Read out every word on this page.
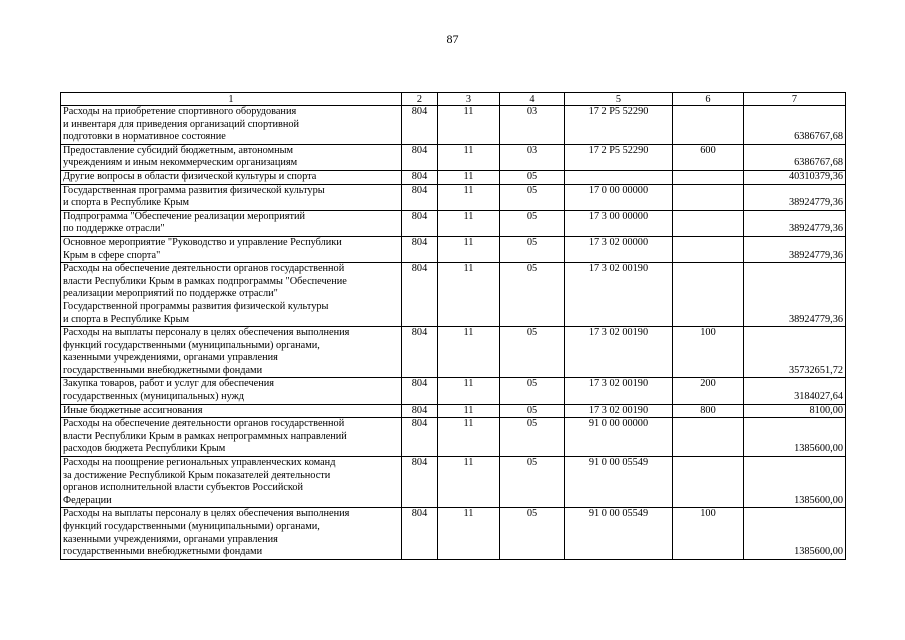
87
1	2	3	4	5	6	7
Расходы на приобретение спортивного оборудования
и инвентаря для приведения организаций спортивной
подготовки в нормативное состояние	804	11	03	17 2 P5 52290		6386767,68
Предоставление субсидий бюджетным, автономным
учреждениям и иным некоммерческим организациям	804	11	03	17 2 P5 52290	600	6386767,68
Другие вопросы в области физической культуры и спорта	804	11	05			40310379,36
Государственная программа развития физической культуры
и спорта в Республике Крым	804	11	05	17 0 00 00000		38924779,36
Подпрограмма "Обеспечение реализации мероприятий
по поддержке отрасли"	804	11	05	17 3 00 00000		38924779,36
Основное мероприятие "Руководство и управление Республики
Крым в сфере спорта"	804	11	05	17 3 02 00000		38924779,36
Расходы на обеспечение деятельности органов государственной
власти Республики Крым в рамках подпрограммы "Обеспечение
реализации мероприятий по поддержке отрасли"
Государственной программы развития физической культуры
и спорта в Республике Крым	804	11	05	17 3 02 00190		38924779,36
Расходы на выплаты персоналу в целях обеспечения выполнения
функций государственными (муниципальными) органами,
казенными учреждениями, органами управления
государственными внебюджетными фондами	804	11	05	17 3 02 00190	100	35732651,72
Закупка товаров, работ и услуг для обеспечения
государственных (муниципальных) нужд	804	11	05	17 3 02 00190	200	3184027,64
Иные бюджетные ассигнования	804	11	05	17 3 02 00190	800	8100,00
Расходы на обеспечение деятельности органов государственной
власти Республики Крым в рамках непрограммных направлений
расходов бюджета Республики Крым	804	11	05	91 0 00 00000		1385600,00
Расходы на поощрение региональных управленческих команд
за достижение Республикой Крым показателей деятельности
органов исполнительной власти субъектов Российской
Федерации	804	11	05	91 0 00 05549		1385600,00
Расходы на выплаты персоналу в целях обеспечения выполнения
функций государственными (муниципальными) органами,
казенными учреждениями, органами управления
государственными внебюджетными фондами	804	11	05	91 0 00 05549	100	1385600,00
